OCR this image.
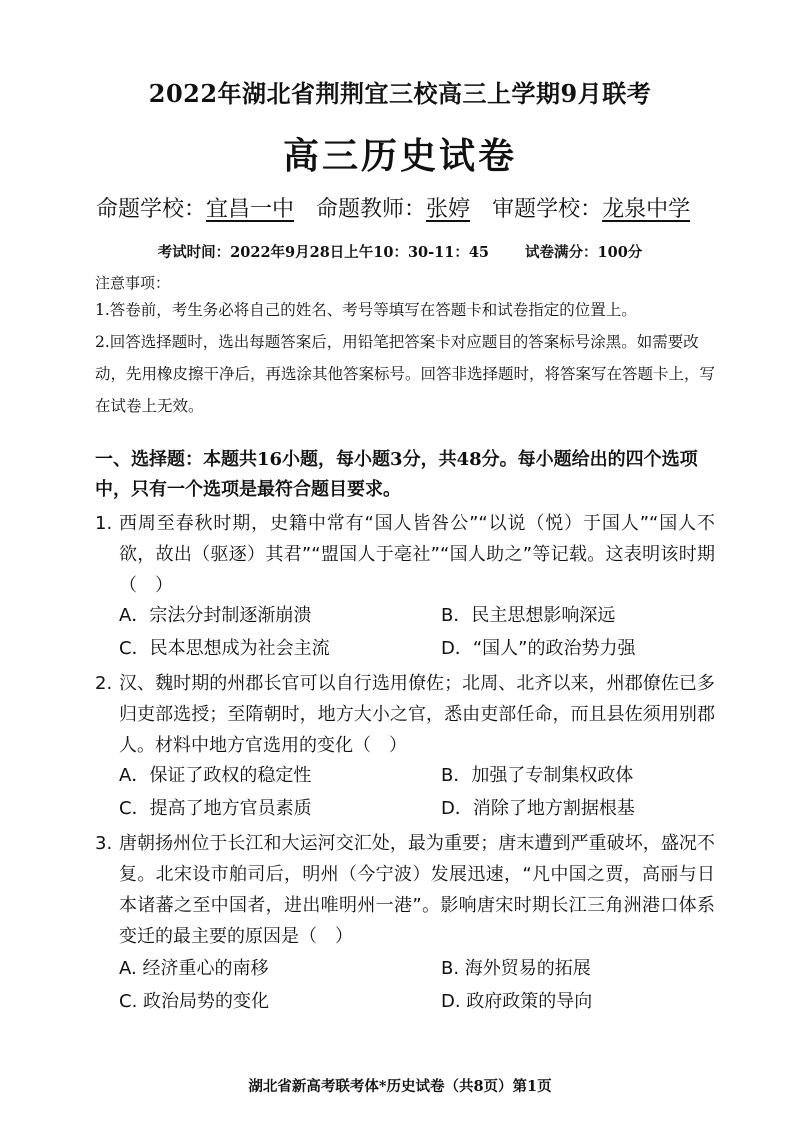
2022年湖北省荆荆宜三校高三上学期9月联考
高三历史试卷
命题学校：宜昌一中 命题教师：张婷 审题学校：龙泉中学
考试时间：2022年9月28日上午10：30-11：45 试卷满分：100分
注意事项：
1.答卷前，考生务必将自己的姓名、考号等填写在答题卡和试卷指定的位置上。
2.回答选择题时，选出每题答案后，用铅笔把答案卡对应题目的答案标号涂黑。如需要改动，先用橡皮擦干净后，再选涂其他答案标号。回答非选择题时，将答案写在答题卡上，写在试卷上无效。
一、选择题：本题共16小题，每小题3分，共48分。每小题给出的四个选项中，只有一个选项是最符合题目要求。
1. 西周至春秋时期，史籍中常有“国人皆咎公”“以说（悦）于国人”“国人不欲，故出（驱逐）其君”“盟国人于亳社”“国人助之”等记载。这表明该时期（　）
A．宗法分封制逐渐崩溃	B．民主思想影响深远
C．民本思想成为社会主流	D．“国人”的政治势力强
2. 汉、魏时期的州郡长官可以自行选用僚佐；北周、北齐以来，州郡僚佐已多归吏部选授；至隋朝时，地方大小之官，悉由吏部任命，而且县佐须用别郡人。材料中地方官选用的变化（　）
A．保证了政权的稳定性	B．加强了专制集权政体
C．提高了地方官员素质	D．消除了地方割据根基
3. 唐朝扬州位于长江和大运河交汇处，最为重要；唐末遭到严重破坏，盛况不复。北宋设市舶司后，明州（今宁波）发展迅速，“凡中国之贾，高丽与日本诸蕃之至中国者，进出唯明州一港”。影响唐宋时期长江三角洲港口体系变迁的最主要的原因是（　）
A. 经济重心的南移	B. 海外贸易的拓展
C. 政治局势的变化	D. 政府政策的导向
湖北省新高考联考体*历史试卷（共8页）第1页
